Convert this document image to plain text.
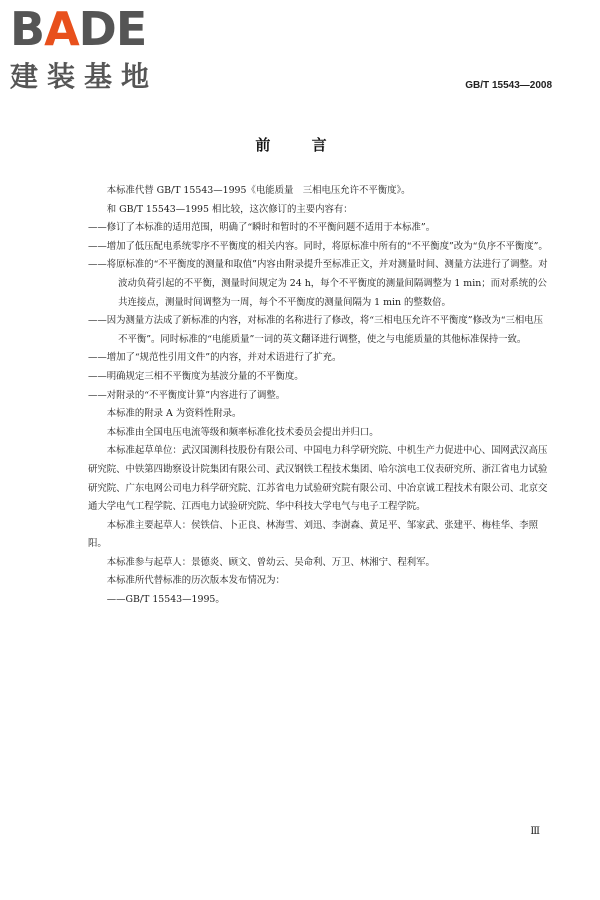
BADE
建装基地	GB/T 15543—2008
前 言

本标准代替 GB/T 15543—1995《电能质量　三相电压允许不平衡度》。

和 GB/T 15543—1995 相比较，这次修订的主要内容有：

——修订了本标准的适用范围，明确了“瞬时和暂时的不平衡问题不适用于本标准”。

——增加了低压配电系统零序不平衡度的相关内容。同时，将原标准中所有的“不平衡度”改为“负序不平衡度”。

——将原标准的“不平衡度的测量和取值”内容由附录提升至标准正文，并对测量时间、测量方法进行了调整。对波动负荷引起的不平衡，测量时间规定为 24 h，每个不平衡度的测量间隔调整为 1 min；而对系统的公共连接点，测量时间调整为一周，每个不平衡度的测量间隔为 1 min 的整数倍。

——因为测量方法成了新标准的内容，对标准的名称进行了修改，将“三相电压允许不平衡度”修改为“三相电压不平衡”。同时标准的“电能质量”一词的英文翻译进行调整，使之与电能质量的其他标准保持一致。

——增加了“规范性引用文件”的内容，并对术语进行了扩充。

——明确规定三相不平衡度为基波分量的不平衡度。

——对附录的“不平衡度计算”内容进行了调整。

本标准的附录 A 为资料性附录。

本标准由全国电压电流等级和频率标准化技术委员会提出并归口。

本标准起草单位：武汉国测科技股份有限公司、中国电力科学研究院、中机生产力促进中心、国网武汉高压研究院、中铁第四勘察设计院集团有限公司、武汉钢铁工程技术集团、哈尔滨电工仪表研究所、浙江省电力试验研究院、广东电网公司电力科学研究院、江苏省电力试验研究院有限公司、中冶京诚工程技术有限公司、北京交通大学电气工程学院、江西电力试验研究院、华中科技大学电气与电子工程学院。

本标准主要起草人：侯铁信、卜正良、林海雪、刘迅、李澍森、黄足平、邹家武、张建平、梅桂华、李照阳。

本标准参与起草人：景德炎、顾文、曾幼云、吴命利、万卫、林湘宁、程利军。

本标准所代替标准的历次版本发布情况为：

——GB/T 15543—1995。

Ⅲ
